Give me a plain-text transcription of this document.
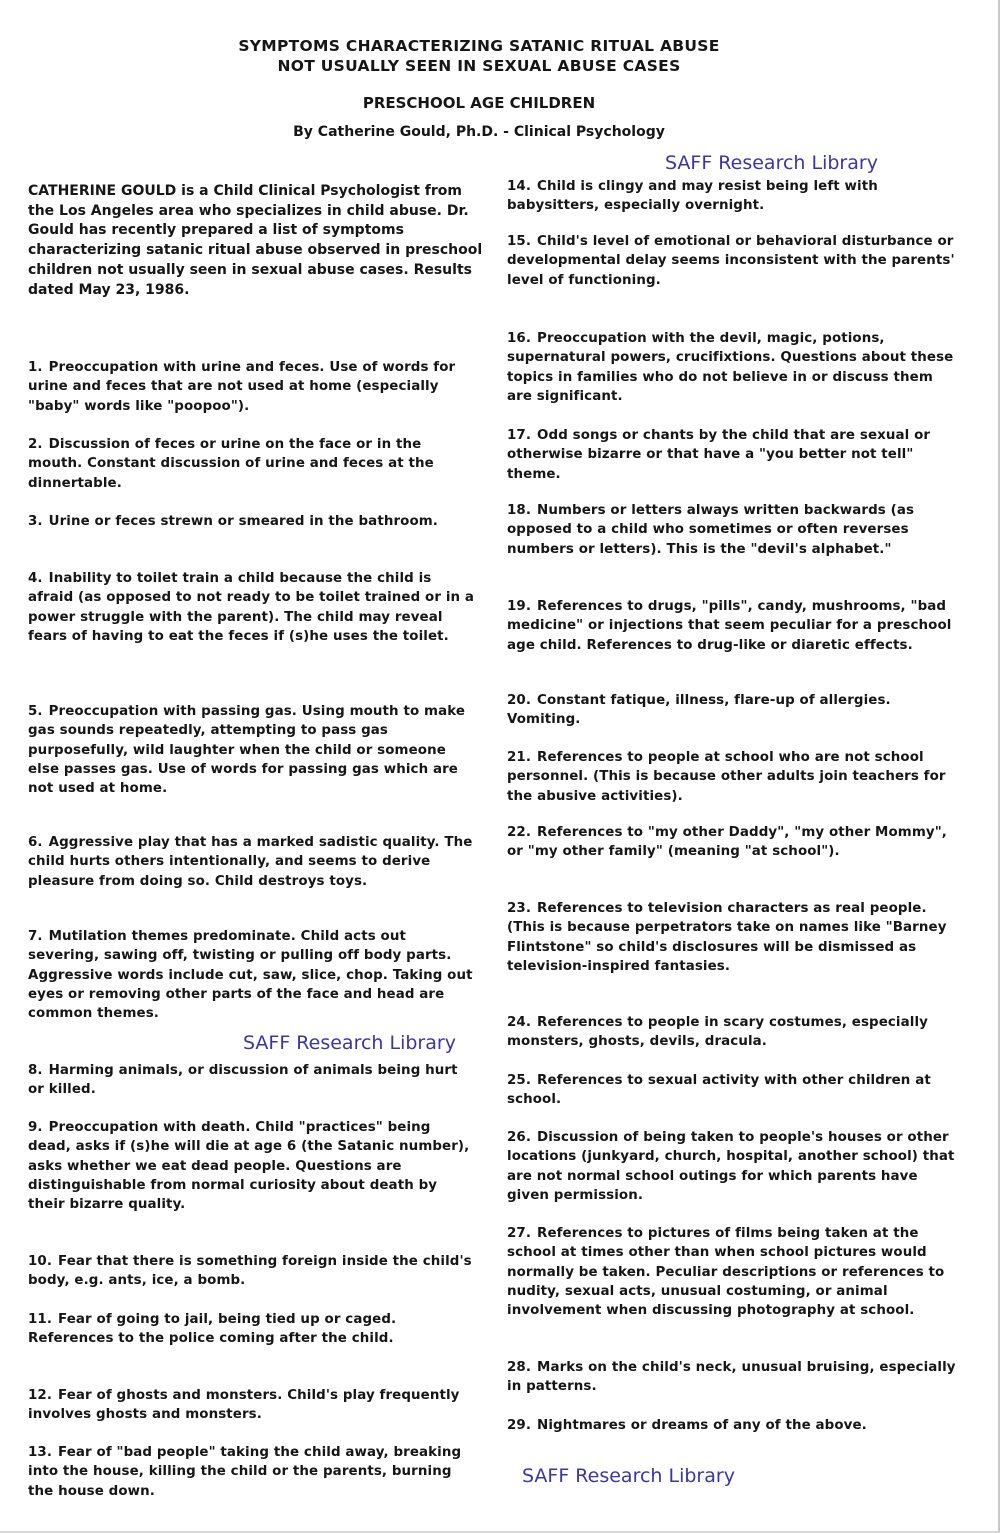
SYMPTOMS CHARACTERIZING SATANIC RITUAL ABUSE
NOT USUALLY SEEN IN SEXUAL ABUSE CASES
PRESCHOOL AGE CHILDREN
By Catherine Gould, Ph.D. - Clinical Psychology
SAFF Research Library
SAFF Research Library
SAFF Research Library
CATHERINE GOULD is a Child Clinical Psychologist from the Los Angeles area who specializes in child abuse. Dr. Gould has recently prepared a list of symptoms characterizing satanic ritual abuse observed in preschool children not usually seen in sexual abuse cases. Results dated May 23, 1986.

1. Preoccupation with urine and feces. Use of words for urine and feces that are not used at home (especially "baby" words like "poopoo").

2. Discussion of feces or urine on the face or in the mouth. Constant discussion of urine and feces at the dinnertable.

3. Urine or feces strewn or smeared in the bathroom.

4. Inability to toilet train a child because the child is afraid (as opposed to not ready to be toilet trained or in a power struggle with the parent). The child may reveal fears of having to eat the feces if (s)he uses the toilet.

5. Preoccupation with passing gas. Using mouth to make gas sounds repeatedly, attempting to pass gas purposefully, wild laughter when the child or someone else passes gas. Use of words for passing gas which are not used at home.

6. Aggressive play that has a marked sadistic quality. The child hurts others intentionally, and seems to derive pleasure from doing so. Child destroys toys.

7. Mutilation themes predominate. Child acts out severing, sawing off, twisting or pulling off body parts. Aggressive words include cut, saw, slice, chop. Taking out eyes or removing other parts of the face and head are common themes.

8. Harming animals, or discussion of animals being hurt or killed.

9. Preoccupation with death. Child "practices" being dead, asks if (s)he will die at age 6 (the Satanic number), asks whether we eat dead people. Questions are distinguishable from normal curiosity about death by their bizarre quality.

10. Fear that there is something foreign inside the child's body, e.g. ants, ice, a bomb.

11. Fear of going to jail, being tied up or caged. References to the police coming after the child.

12. Fear of ghosts and monsters. Child's play frequently involves ghosts and monsters.

13. Fear of "bad people" taking the child away, breaking into the house, killing the child or the parents, burning the house down.

14. Child is clingy and may resist being left with babysitters, especially overnight.

15. Child's level of emotional or behavioral disturbance or developmental delay seems inconsistent with the parents' level of functioning.

16. Preoccupation with the devil, magic, potions, supernatural powers, crucifixtions. Questions about these topics in families who do not believe in or discuss them are significant.

17. Odd songs or chants by the child that are sexual or otherwise bizarre or that have a "you better not tell" theme.

18. Numbers or letters always written backwards (as opposed to a child who sometimes or often reverses numbers or letters). This is the "devil's alphabet."

19. References to drugs, "pills", candy, mushrooms, "bad medicine" or injections that seem peculiar for a preschool age child. References to drug-like or diaretic effects.

20. Constant fatique, illness, flare-up of allergies. Vomiting.

21. References to people at school who are not school personnel. (This is because other adults join teachers for the abusive activities).

22. References to "my other Daddy", "my other Mommy", or "my other family" (meaning "at school").

23. References to television characters as real people. (This is because perpetrators take on names like "Barney Flintstone" so child's disclosures will be dismissed as television-inspired fantasies.

24. References to people in scary costumes, especially monsters, ghosts, devils, dracula.

25. References to sexual activity with other children at school.

26. Discussion of being taken to people's houses or other locations (junkyard, church, hospital, another school) that are not normal school outings for which parents have given permission.

27. References to pictures of films being taken at the school at times other than when school pictures would normally be taken. Peculiar descriptions or references to nudity, sexual acts, unusual costuming, or animal involvement when discussing photography at school.

28. Marks on the child's neck, unusual bruising, especially in patterns.

29. Nightmares or dreams of any of the above.
